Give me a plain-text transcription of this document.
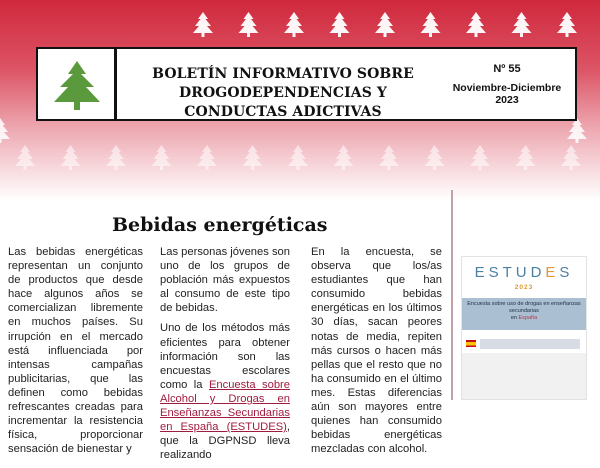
BOLETÍN INFORMATIVO SOBRE
DROGODEPENDENCIAS Y CONDUCTAS ADICTIVAS
Nº 55
Noviembre-Diciembre
2023
Bebidas energéticas

Las bebidas energéticas representan un conjunto de productos que desde hace algunos años se comercializan libremente en muchos países. Su irrupción en el mercado está influenciada por intensas campañas publicitarias, que las definen como bebidas refrescantes creadas para incrementar la resistencia física, proporcionar sensación de bienestar y

Las personas jóvenes son uno de los grupos de población más expuestos al consumo de este tipo de bebidas.

Uno de los métodos más eficientes para obtener información son las encuestas escolares como la Encuesta sobre Alcohol y Drogas en Enseñanzas Secundarias en España (ESTUDES), que la DGPNSD lleva realizando

En la encuesta, se observa que los/as estudiantes que han consumido bebidas energéticas en los últimos 30 días, sacan peores notas de media, repiten más cursos o hacen más pellas que el resto que no ha consumido en el último mes. Estas diferencias aún son mayores entre quienes han consumido bebidas energéticas mezcladas con alcohol.

ESTUDES
2023
Encuesta sobre uso de drogas en enseñanzas
secundarias
en España
